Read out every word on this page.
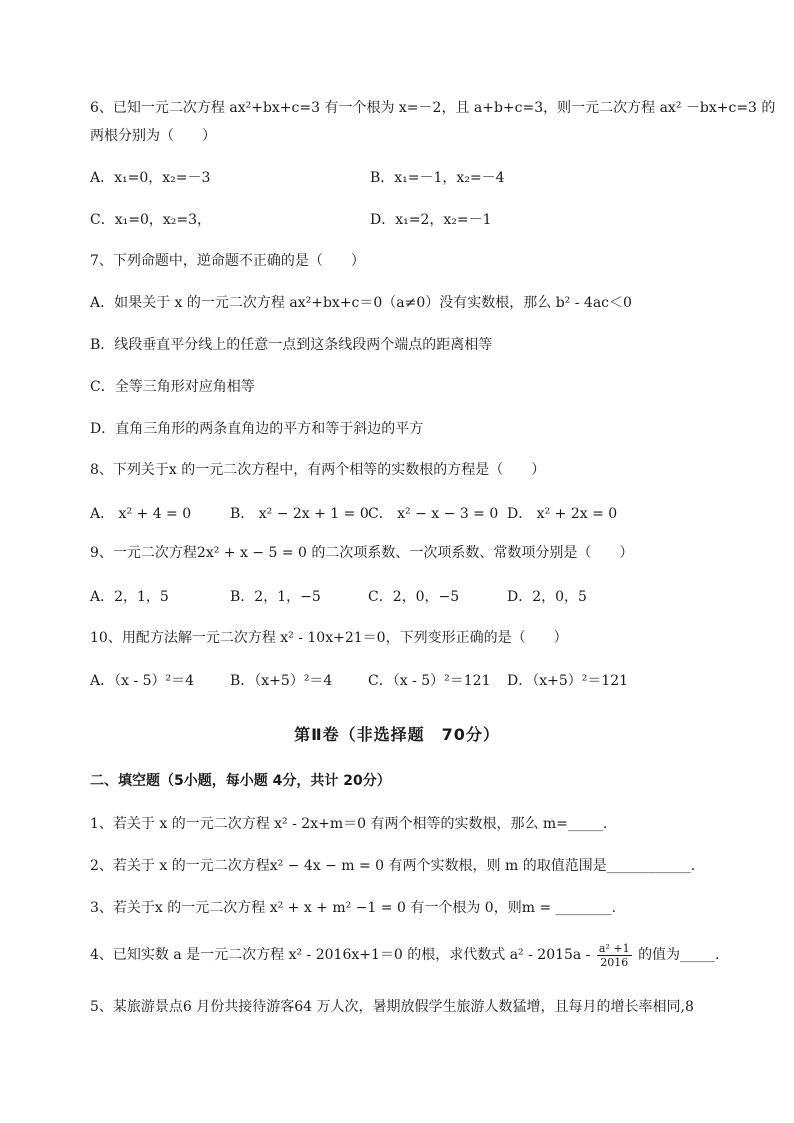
6、已知一元二次方程 ax²+bx+c=3 有一个根为 x=－2，且 a+b+c=3，则一元二次方程 ax² －bx+c=3 的
两根分别为（　　）
A．x₁=0，x₂=－3	B．x₁=－1，x₂=－4
C．x₁=0，x₂=3，	D．x₁=2，x₂=－1
7、下列命题中，逆命题不正确的是（　　）
A．如果关于 x 的一元二次方程 ax²+bx+c＝0（a≠0）没有实数根，那么 b² - 4ac＜0
B．线段垂直平分线上的任意一点到这条线段两个端点的距离相等
C．全等三角形对应角相等
D．直角三角形的两条直角边的平方和等于斜边的平方
8、下列关于x 的一元二次方程中，有两个相等的实数根的方程是（　　）
A． x² + 4 = 0	B． x² − 2x + 1 = 0 C． x² − x − 3 = 0 D． x² + 2x = 0
9、一元二次方程2x² + x − 5 = 0 的二次项系数、一次项系数、常数项分别是（　　）
A．2，1，5	B．2，1，−5	C．2，0，−5	D．2，0，5
10、用配方法解一元二次方程 x² - 10x+21＝0，下列变形正确的是（　　）
A．（x - 5）²＝4	B．（x+5）²＝4	C．（x - 5）²＝121 D．（x+5）²＝121
第Ⅱ卷（非选择题　70分）
二、填空题（5小题，每小题 4分，共计 20分）
1、若关于 x 的一元二次方程 x² - 2x+m＝0 有两个相等的实数根，那么 m=_____.
2、若关于 x 的一元二次方程x² − 4x − m = 0 有两个实数根，则 m 的取值范围是____________.
3、若关于x 的一元二次方程 x² + x + m² −1 = 0 有一个根为 0，则m = ________.
4、已知实数 a 是一元二次方程 x² - 2016x+1＝0 的根，求代数式 $a^2 - 2015a - \frac{\text{a² +1}}{2016}$ 的值为_____.
5、某旅游景点6 月份共接待游客64 万人次，暑期放假学生旅游人数猛增，且每月的增长率相同,8
